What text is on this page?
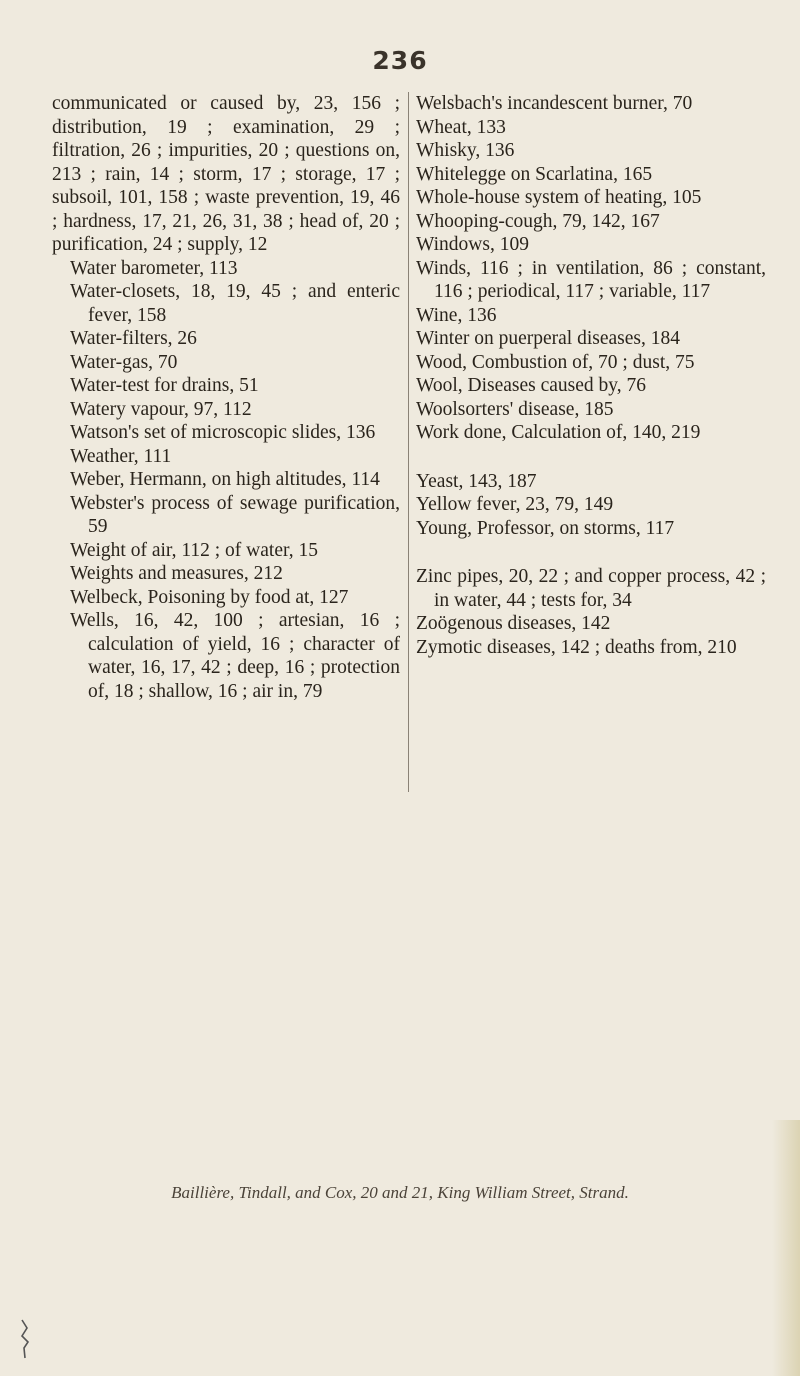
236

communicated or caused by, 23, 156 ; distribution, 19 ; examination, 29 ; filtration, 26 ; impurities, 20 ; questions on, 213 ; rain, 14 ; storm, 17 ; storage, 17 ; subsoil, 101, 158 ; waste prevention, 19, 46 ; hardness, 17, 21, 26, 31, 38 ; head of, 20 ; purification, 24 ; supply, 12

Water barometer, 113

Water-closets, 18, 19, 45 ; and enteric fever, 158

Water-filters, 26

Water-gas, 70

Water-test for drains, 51

Watery vapour, 97, 112

Watson's set of microscopic slides, 136

Weather, 111

Weber, Hermann, on high altitudes, 114

Webster's process of sewage purification, 59

Weight of air, 112 ; of water, 15

Weights and measures, 212

Welbeck, Poisoning by food at, 127

Wells, 16, 42, 100 ; artesian, 16 ; calculation of yield, 16 ; character of water, 16, 17, 42 ; deep, 16 ; protection of, 18 ; shallow, 16 ; air in, 79

Welsbach's incandescent burner, 70

Wheat, 133

Whisky, 136

Whitelegge on Scarlatina, 165

Whole-house system of heating, 105

Whooping-cough, 79, 142, 167

Windows, 109

Winds, 116 ; in ventilation, 86 ; constant, 116 ; periodical, 117 ; variable, 117

Wine, 136

Winter on puerperal diseases, 184

Wood, Combustion of, 70 ; dust, 75

Wool, Diseases caused by, 76

Woolsorters' disease, 185

Work done, Calculation of, 140, 219

Yeast, 143, 187

Yellow fever, 23, 79, 149

Young, Professor, on storms, 117

Zinc pipes, 20, 22 ; and copper process, 42 ; in water, 44 ; tests for, 34

Zoögenous diseases, 142

Zymotic diseases, 142 ; deaths from, 210

Baillière, Tindall, and Cox, 20 and 21, King William Street, Strand.
